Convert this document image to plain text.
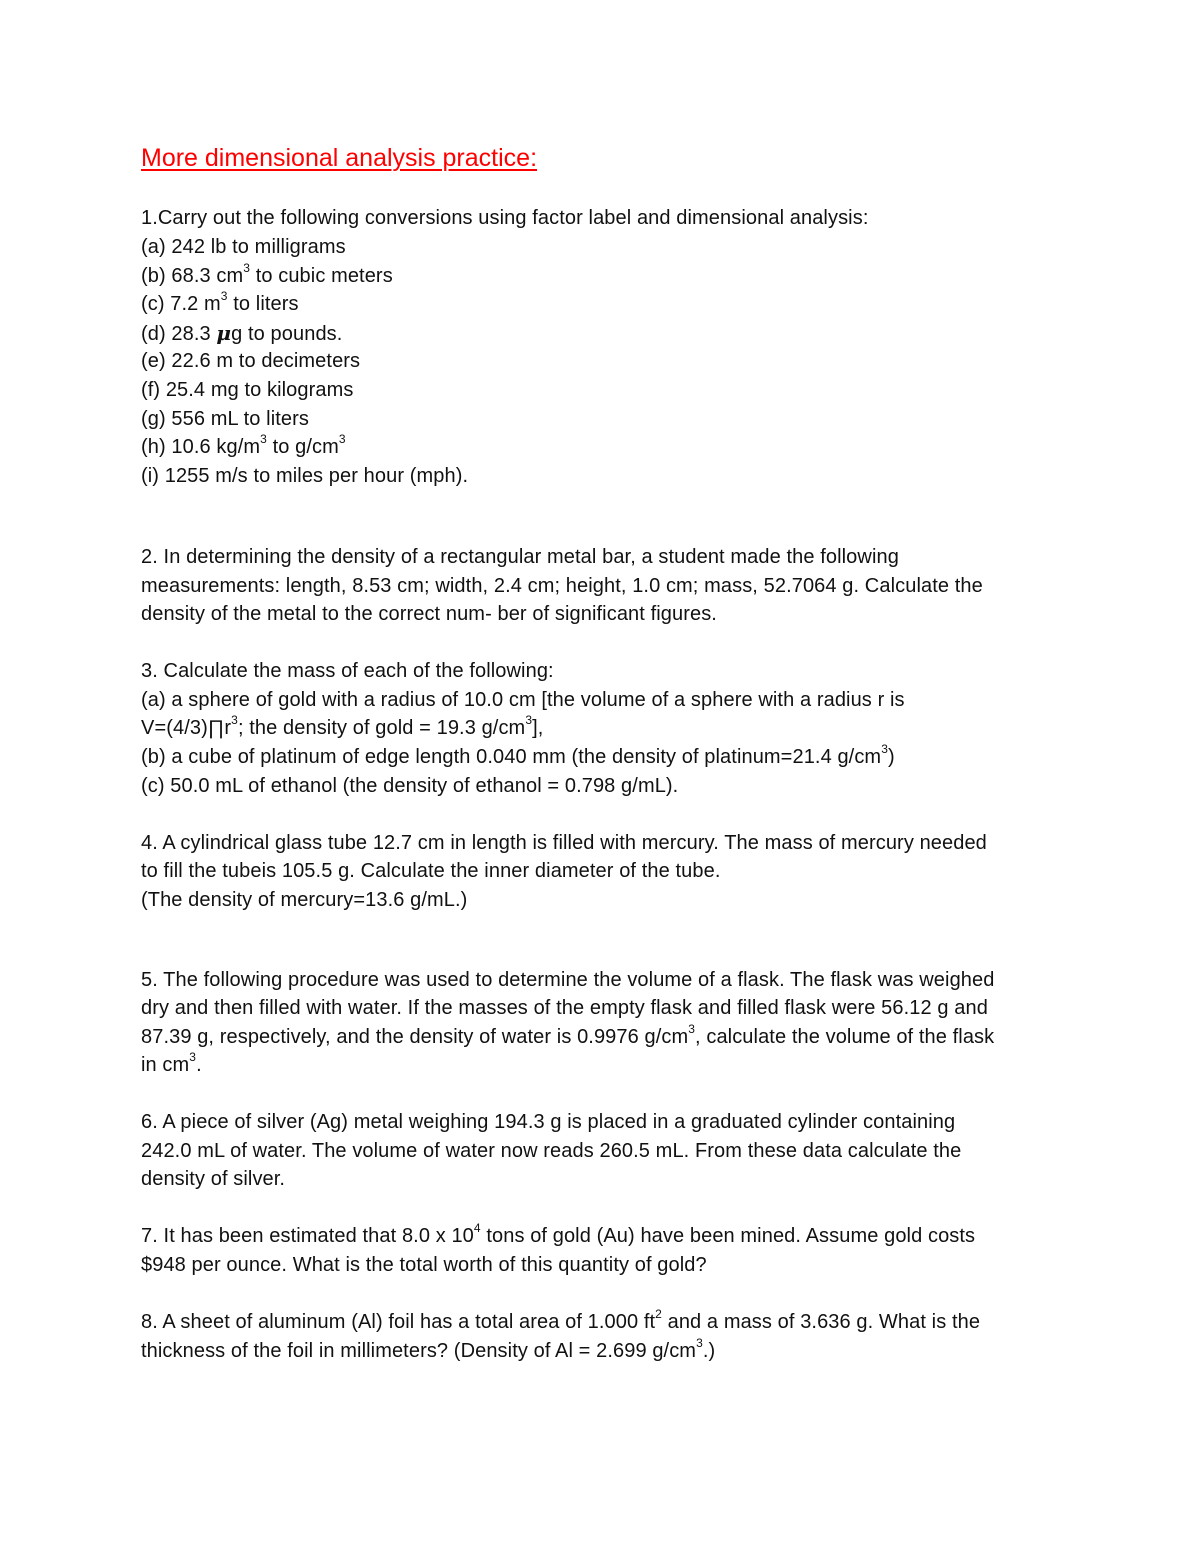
More dimensional analysis practice:
1.Carry out the following conversions using factor label and dimensional analysis:
(a) 242 lb to milligrams
(b) 68.3 $cm^3$ to cubic meters
(c) 7.2 $m^3$ to liters
(d) 28.3 μg to pounds.
(e) 22.6 m to decimeters
(f) 25.4 mg to kilograms
(g) 556 mL to liters
(h) 10.6 $kg/m^3$ to $g/cm^3$
(i) 1255 m/s to miles per hour (mph).
2. In determining the density of a rectangular metal bar, a student made the following
measurements: length, 8.53 cm; width, 2.4 cm; height, 1.0 cm; mass, 52.7064 g. Calculate the
density of the metal to the correct num- ber of significant figures.
3. Calculate the mass of each of the following:
(a) a sphere of gold with a radius of 10.0 cm [the volume of a sphere with a radius r is
$V=(4/3)\prod r^3$; the density of gold = 19.3 $g/cm^3$],
(b) a cube of platinum of edge length 0.040 mm (the density of platinum=21.4 $g/cm^3$)
(c) 50.0 mL of ethanol (the density of ethanol = 0.798 g/mL).
4. A cylindrical glass tube 12.7 cm in length is filled with mercury. The mass of mercury needed
to fill the tubeis 105.5 g. Calculate the inner diameter of the tube.
(The density of mercury=13.6 g/mL.)
5. The following procedure was used to determine the volume of a flask. The flask was weighed
dry and then filled with water. If the masses of the empty flask and filled flask were 56.12 g and
87.39 g, respectively, and the density of water is 0.9976 $g/cm^3$, calculate the volume of the flask
in $cm^3$.
6. A piece of silver (Ag) metal weighing 194.3 g is placed in a graduated cylinder containing
242.0 mL of water. The volume of water now reads 260.5 mL. From these data calculate the
density of silver.
7. It has been estimated that 8.0 x $10^4$ tons of gold (Au) have been mined. Assume gold costs
$948 per ounce. What is the total worth of this quantity of gold?
8. A sheet of aluminum (Al) foil has a total area of 1.000 $ft^2$ and a mass of 3.636 g. What is the
thickness of the foil in millimeters? (Density of Al = 2.699 $g/cm^3$.)
